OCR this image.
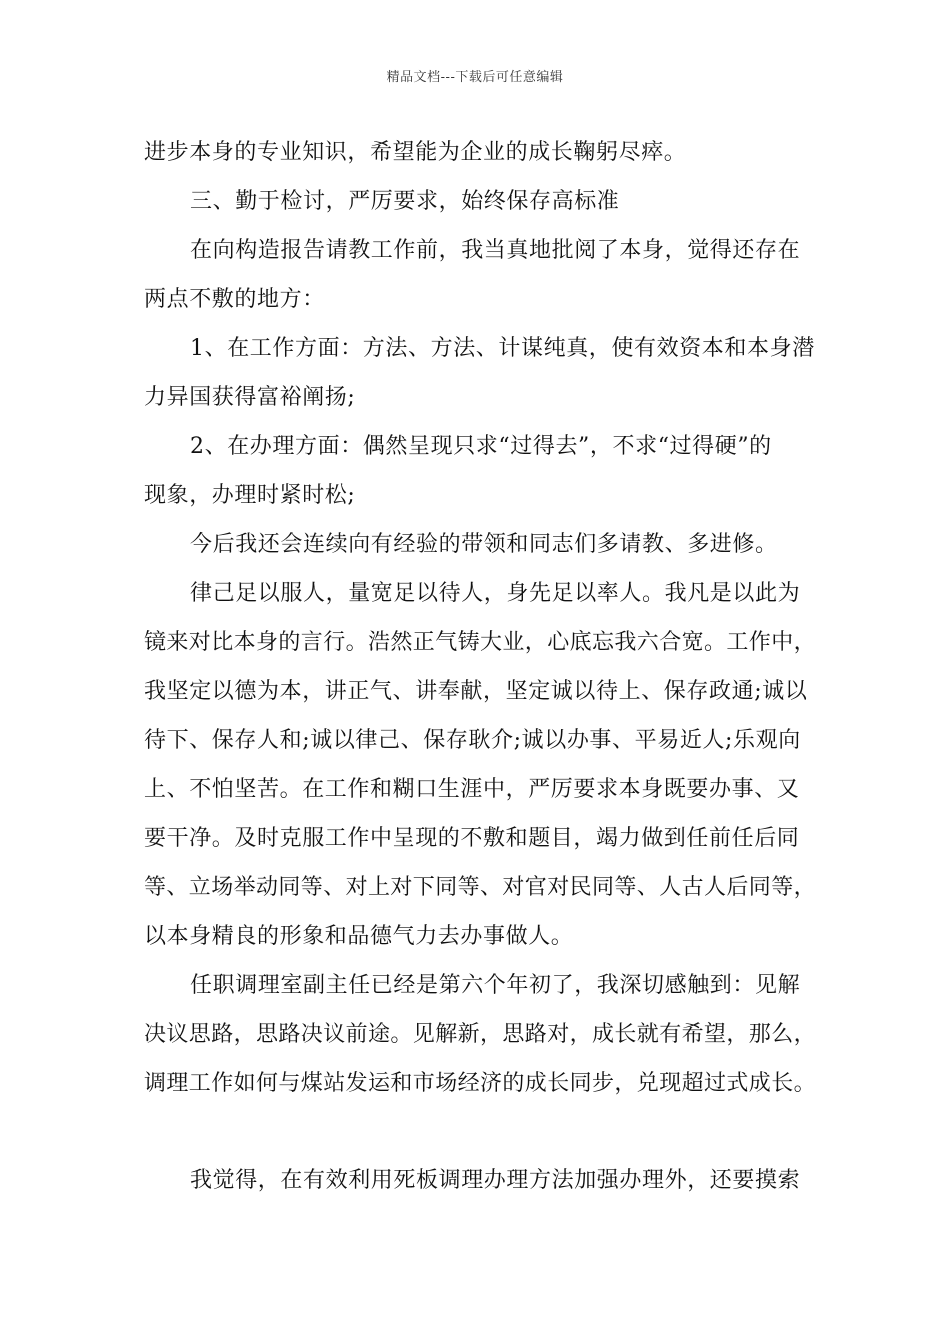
精品文档---下载后可任意编辑

进步本身的专业知识，希望能为企业的成长鞠躬尽瘁。

三、勤于检讨，严厉要求，始终保存高标准

在向构造报告请教工作前，我当真地批阅了本身，觉得还存在

两点不敷的地方：

1、在工作方面：方法、方法、计谋纯真，使有效资本和本身潜

力异国获得富裕阐扬;

2、在办理方面：偶然呈现只求“过得去”，不求“过得硬”的

现象，办理时紧时松;

今后我还会连续向有经验的带领和同志们多请教、多进修。

律己足以服人，量宽足以待人，身先足以率人。我凡是以此为

镜来对比本身的言行。浩然正气铸大业，心底忘我六合宽。工作中，

我坚定以德为本，讲正气、讲奉献，坚定诚以待上、保存政通;诚以

待下、保存人和;诚以律己、保存耿介;诚以办事、平易近人;乐观向

上、不怕坚苦。在工作和糊口生涯中，严厉要求本身既要办事、又

要干净。及时克服工作中呈现的不敷和题目，竭力做到任前任后同

等、立场举动同等、对上对下同等、对官对民同等、人古人后同等，

以本身精良的形象和品德气力去办事做人。

任职调理室副主任已经是第六个年初了，我深切感触到：见解

决议思路，思路决议前途。见解新，思路对，成长就有希望，那么，

调理工作如何与煤站发运和市场经济的成长同步，兑现超过式成长。

我觉得，在有效利用死板调理办理方法加强办理外，还要摸索
